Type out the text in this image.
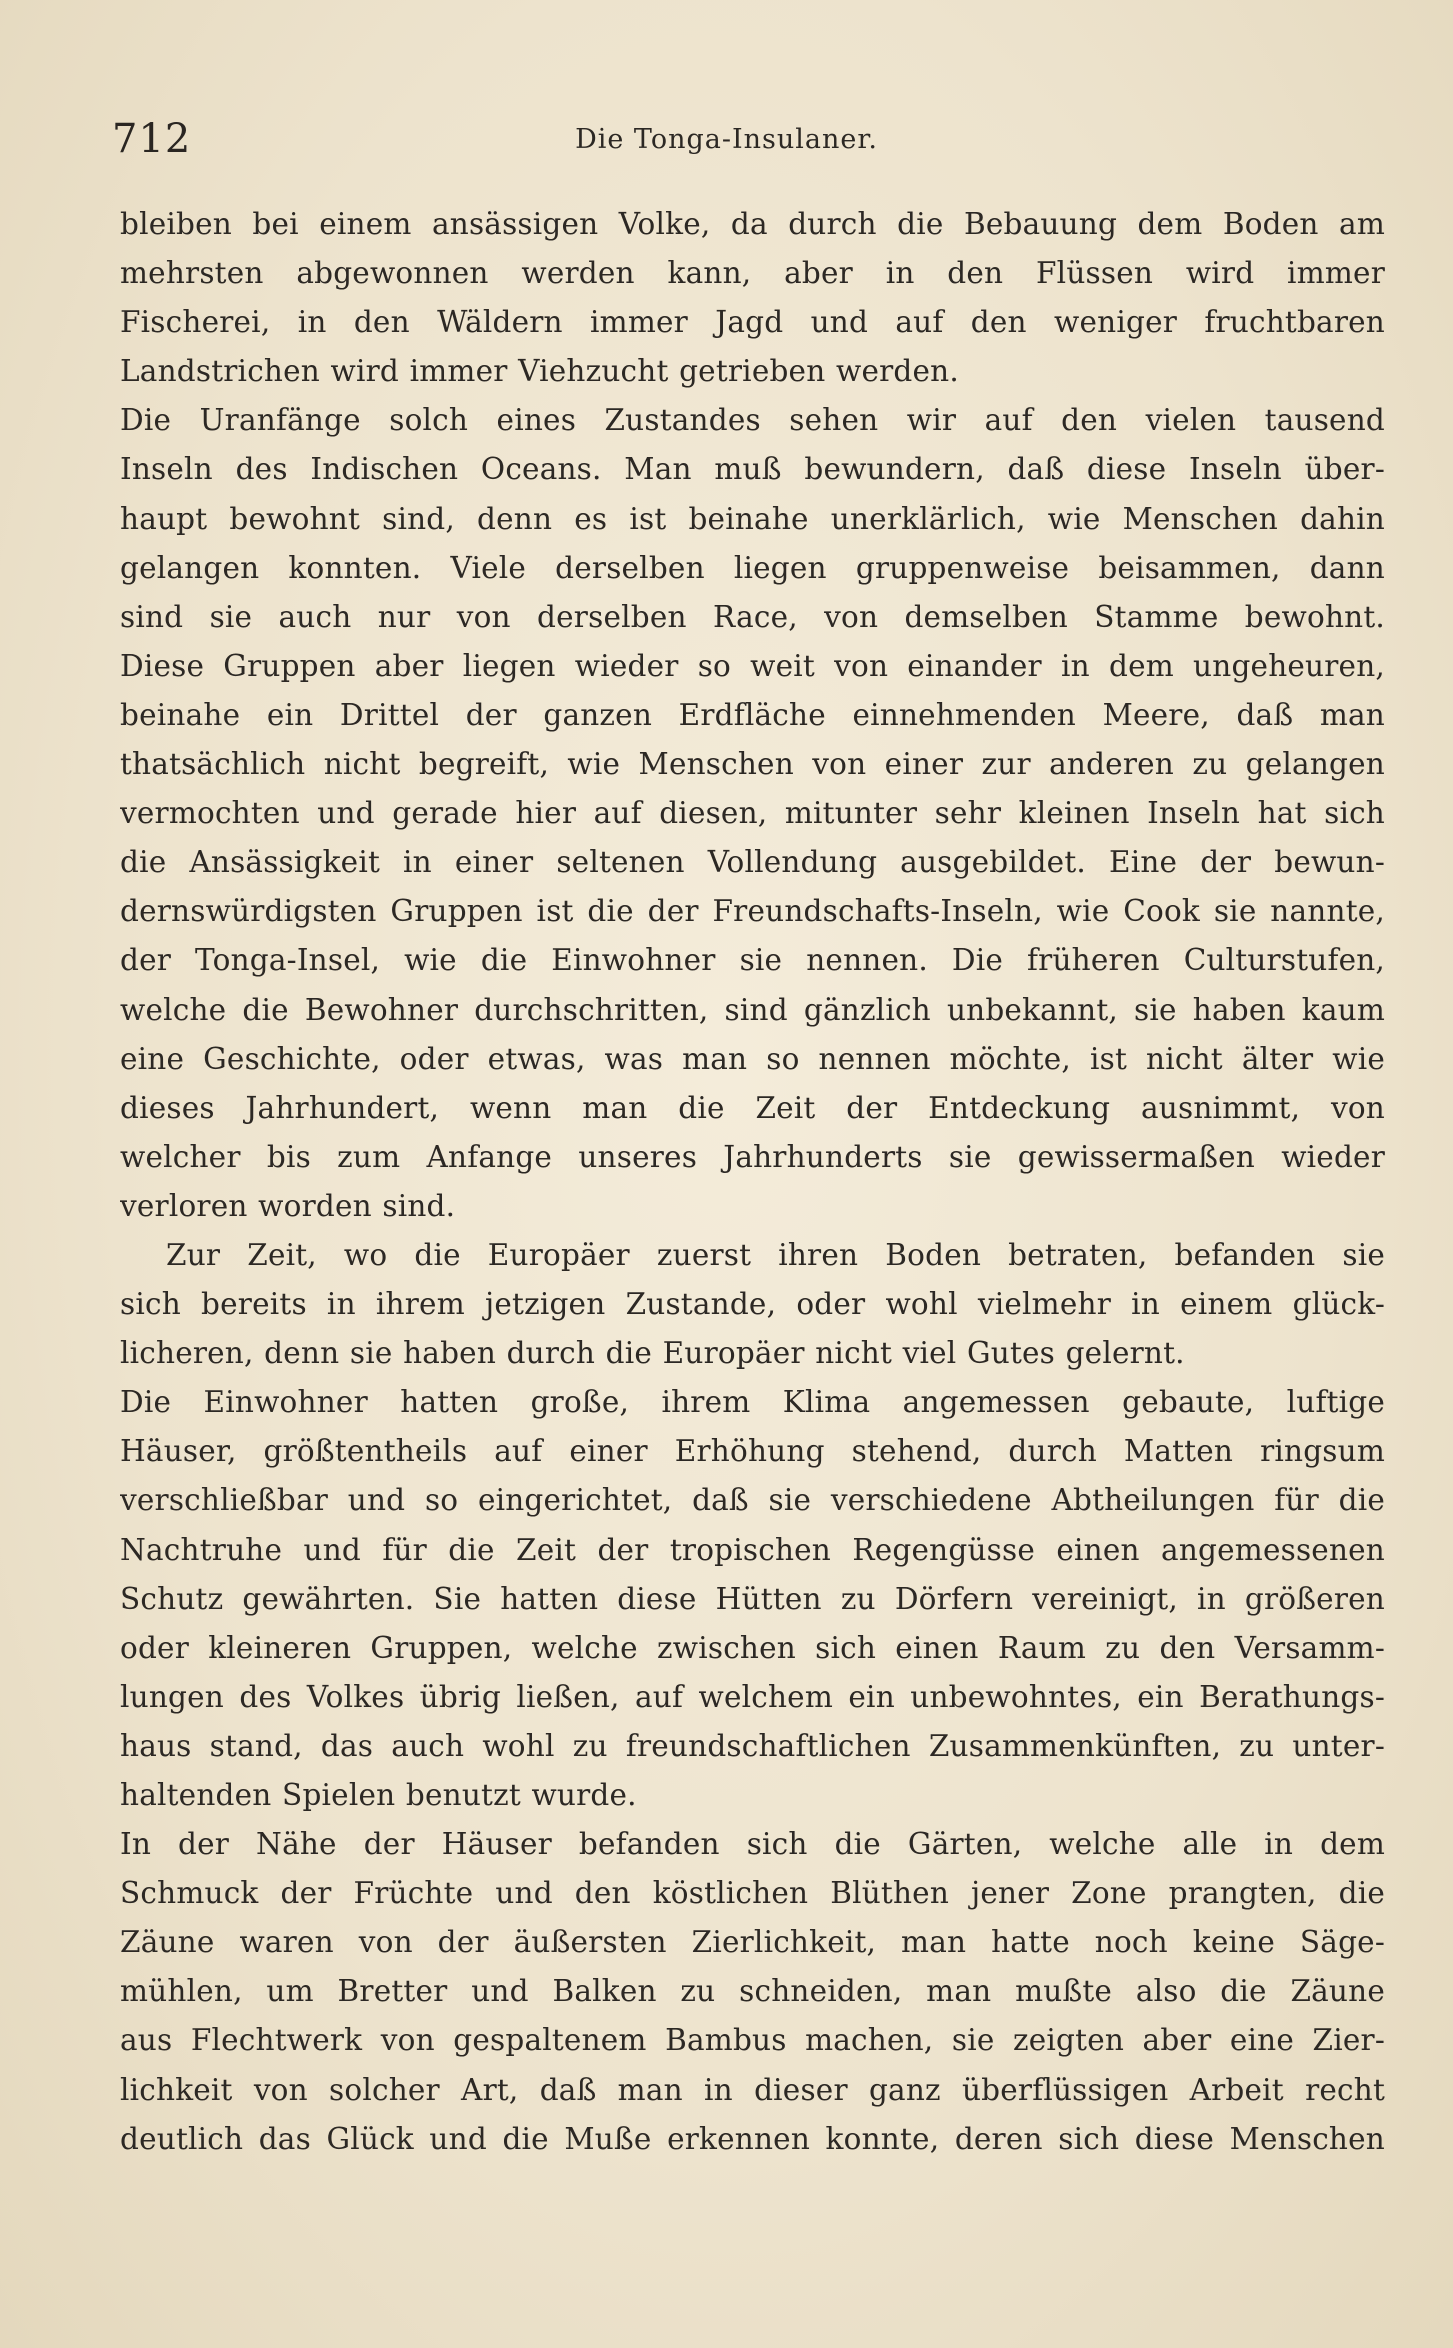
712	Die Tonga-Insulaner.
bleiben bei einem ansässigen Volke, da durch die Bebauung dem Boden am
mehrsten abgewonnen werden kann, aber in den Flüssen wird immer
Fischerei, in den Wäldern immer Jagd und auf den weniger fruchtbaren
Landstrichen wird immer Viehzucht getrieben werden.
Die Uranfänge solch eines Zustandes sehen wir auf den vielen tausend
Inseln des Indischen Oceans. Man muß bewundern, daß diese Inseln über-
haupt bewohnt sind, denn es ist beinahe unerklärlich, wie Menschen dahin
gelangen konnten. Viele derselben liegen gruppenweise beisammen, dann
sind sie auch nur von derselben Race, von demselben Stamme bewohnt.
Diese Gruppen aber liegen wieder so weit von einander in dem ungeheuren,
beinahe ein Drittel der ganzen Erdfläche einnehmenden Meere, daß man
thatsächlich nicht begreift, wie Menschen von einer zur anderen zu gelangen
vermochten und gerade hier auf diesen, mitunter sehr kleinen Inseln hat sich
die Ansässigkeit in einer seltenen Vollendung ausgebildet. Eine der bewun-
dernswürdigsten Gruppen ist die der Freundschafts-Inseln, wie Cook sie nannte,
der Tonga-Insel, wie die Einwohner sie nennen. Die früheren Culturstufen,
welche die Bewohner durchschritten, sind gänzlich unbekannt, sie haben kaum
eine Geschichte, oder etwas, was man so nennen möchte, ist nicht älter wie
dieses Jahrhundert, wenn man die Zeit der Entdeckung ausnimmt, von
welcher bis zum Anfange unseres Jahrhunderts sie gewissermaßen wieder
verloren worden sind.
Zur Zeit, wo die Europäer zuerst ihren Boden betraten, befanden sie
sich bereits in ihrem jetzigen Zustande, oder wohl vielmehr in einem glück-
licheren, denn sie haben durch die Europäer nicht viel Gutes gelernt.
Die Einwohner hatten große, ihrem Klima angemessen gebaute, luftige
Häuser, größtentheils auf einer Erhöhung stehend, durch Matten ringsum
verschließbar und so eingerichtet, daß sie verschiedene Abtheilungen für die
Nachtruhe und für die Zeit der tropischen Regengüsse einen angemessenen
Schutz gewährten. Sie hatten diese Hütten zu Dörfern vereinigt, in größeren
oder kleineren Gruppen, welche zwischen sich einen Raum zu den Versamm-
lungen des Volkes übrig ließen, auf welchem ein unbewohntes, ein Berathungs-
haus stand, das auch wohl zu freundschaftlichen Zusammenkünften, zu unter-
haltenden Spielen benutzt wurde.
In der Nähe der Häuser befanden sich die Gärten, welche alle in dem
Schmuck der Früchte und den köstlichen Blüthen jener Zone prangten, die
Zäune waren von der äußersten Zierlichkeit, man hatte noch keine Säge-
mühlen, um Bretter und Balken zu schneiden, man mußte also die Zäune
aus Flechtwerk von gespaltenem Bambus machen, sie zeigten aber eine Zier-
lichkeit von solcher Art, daß man in dieser ganz überflüssigen Arbeit recht
deutlich das Glück und die Muße erkennen konnte, deren sich diese Menschen
